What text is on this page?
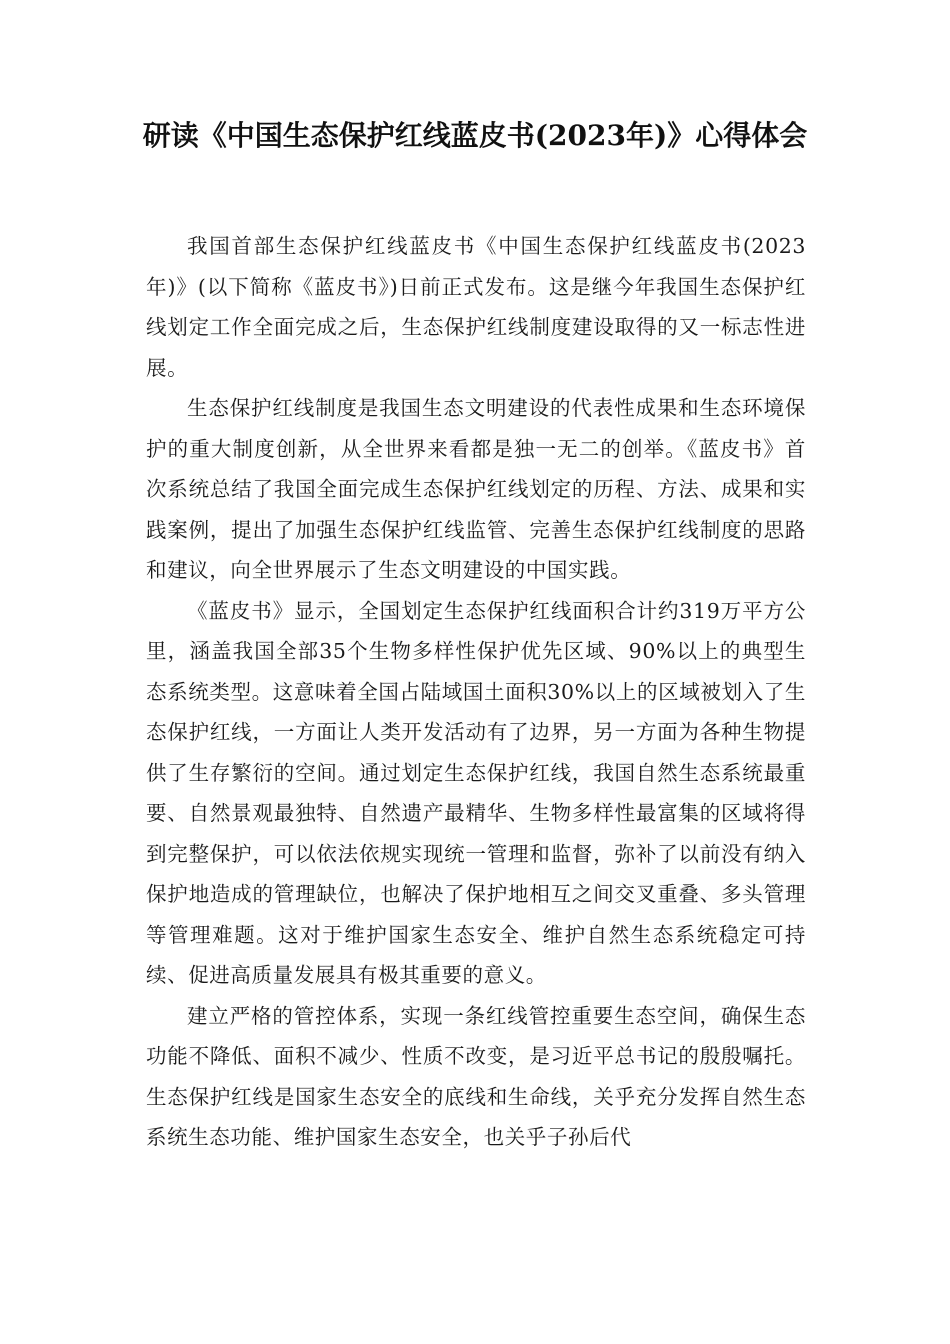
研读《中国生态保护红线蓝皮书(2023年)》心得体会

我国首部生态保护红线蓝皮书《中国生态保护红线蓝皮书(2023年)》(以下简称《蓝皮书》)日前正式发布。这是继今年我国生态保护红线划定工作全面完成之后，生态保护红线制度建设取得的又一标志性进展。

生态保护红线制度是我国生态文明建设的代表性成果和生态环境保护的重大制度创新，从全世界来看都是独一无二的创举。《蓝皮书》首次系统总结了我国全面完成生态保护红线划定的历程、方法、成果和实践案例，提出了加强生态保护红线监管、完善生态保护红线制度的思路和建议，向全世界展示了生态文明建设的中国实践。

《蓝皮书》显示，全国划定生态保护红线面积合计约319万平方公里，涵盖我国全部35个生物多样性保护优先区域、90%以上的典型生态系统类型。这意味着全国占陆域国土面积30%以上的区域被划入了生态保护红线，一方面让人类开发活动有了边界，另一方面为各种生物提供了生存繁衍的空间。通过划定生态保护红线，我国自然生态系统最重要、自然景观最独特、自然遗产最精华、生物多样性最富集的区域将得到完整保护，可以依法依规实现统一管理和监督，弥补了以前没有纳入保护地造成的管理缺位，也解决了保护地相互之间交叉重叠、多头管理等管理难题。这对于维护国家生态安全、维护自然生态系统稳定可持续、促进高质量发展具有极其重要的意义。

建立严格的管控体系，实现一条红线管控重要生态空间，确保生态功能不降低、面积不减少、性质不改变，是习近平总书记的殷殷嘱托。生态保护红线是国家生态安全的底线和生命线，关乎充分发挥自然生态系统生态功能、维护国家生态安全，也关乎子孙后代
